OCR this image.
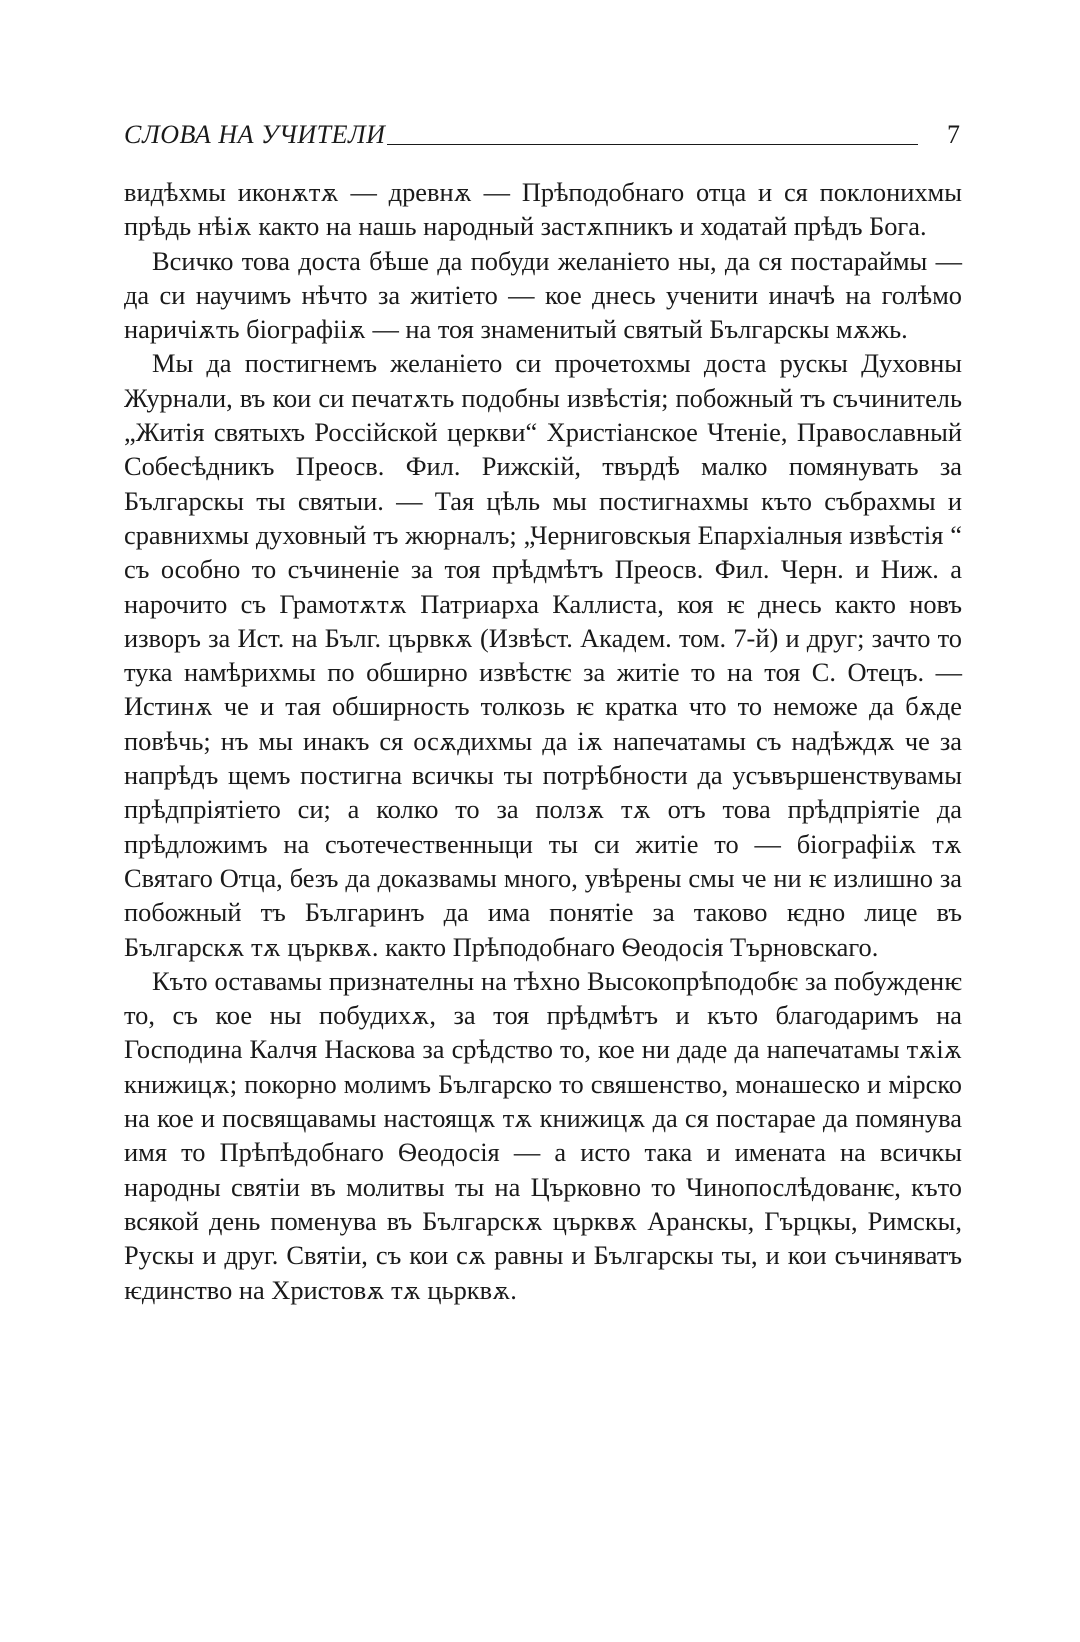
СЛОВА НА УЧИТЕЛИ	7

видѣхмы иконѫтѫ — древнѫ — Прѣподобнаго отца и ся поклонихмы прѣдь нѣіѫ както на нашь народный застѫпникъ и ходатай прѣдъ Бога.

Всичко това доста бѣше да побуди желаніето ны, да ся постараймы — да си научимъ нѣчто за житіето — кое днесь ученити иначѣ на голѣмо наричіѫть біографіiѫ — на тоя знаменитый святый Българскы мѫжь.

Мы да постигнемъ желаніето си прочетохмы доста рускы Духовны Журнали, въ кои си печатѫть подобны извѣстія; побожный тъ съчинитель „Житія святыхъ Россійской церкви“ Христіанское Чтеніе, Православный Собесѣдникъ Преосв. Фил. Рижскій, твърдѣ малко помянувать за Българскы ты святыи. — Тая цѣль мы постигнахмы къто събрахмы и сравнихмы духовный тъ жюрналъ; „Черниговскыя Епархіалныя извѣстія “ съ особно то съчиненіе за тоя прѣдмѣтъ Преосв. Фил. Черн. и Ниж. а нарочито съ Грамотѫтѫ Патриарха Каллиста, коя ѥ днесь както новъ изворъ за Ист. на Бълг. цървкѫ (Извѣст. Академ. том. 7-й) и друг; зачто то тука намѣрихмы по обширно извѣстѥ за житіе то на тоя С. Отецъ. — Истинѫ че и тая обширность толкозь ѥ кратка что то неможе да бѫде повѣчь; нъ мы инакъ ся осѫдихмы да іѫ напечатамы съ надѣждѫ че за напрѣдъ щемъ постигна всичкы ты потрѣбности да усъвършенствувамы прѣдпріятіето си; а колко то за ползѫ тѫ отъ това прѣдпріятіе да прѣдложимъ на съотечественныци ты си житіе то — біографіiѫ тѫ Святаго Отца, безъ да доказвамы много, увѣрены смы че ни ѥ излишно за побожный тъ Българинъ да има понятіе за таково ѥдно лице въ Българскѫ тѫ църквѫ. както Прѣподобнаго Ѳеодосія Търновскаго.

Къто оставамы признателны на тѣхно Высокопрѣподобѥ за побужденѥ то, съ кое ны побудихѫ, за тоя прѣдмѣтъ и къто благодаримъ на Господина Калчя Наскова за срѣдство то, кое ни даде да напечатамы тѫіѫ книжицѫ; покорно молимъ Българско то свяшенство, монашеско и мірско на кое и посвящавамы настоящѫ тѫ книжицѫ да ся постарае да помянува имя то Прѣпѣдобнаго Ѳеодосія — а исто така и имената на всичкы народны святіи въ молитвы ты на Църковно то Чинопослѣдованѥ, къто всякой день поменува въ Българскѫ църквѫ Аранскы, Гърцкы, Римскы, Рускы и друг. Святіи, съ кои сѫ равны и Българскы ты, и кои съчиняватъ ѥдинство на Христовѫ тѫ цьрквѫ.
